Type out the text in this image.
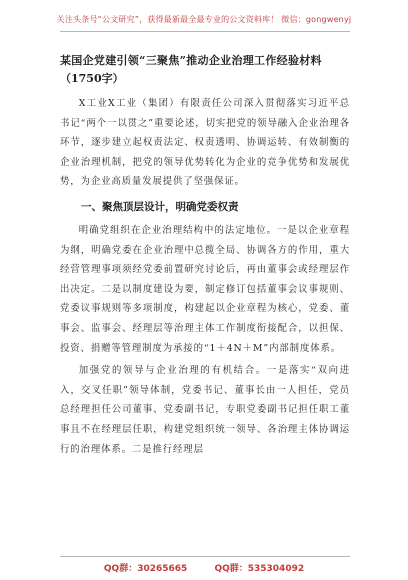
关注头条号“公文研究”，获得最新最全最专业的公文资料库！ 微信：gongwenyj

某国企党建引领“三聚焦”推动企业治理工作经验材料

（1750字）

X工业X工业（集团）有限责任公司深入贯彻落实习近平总书记“两个一以贯之”重要论述，切实把党的领导融入企业治理各环节，逐步建立起权责法定、权责透明、协调运转、有效制衡的企业治理机制，把党的领导优势转化为企业的竞争优势和发展优势，为企业高质量发展提供了坚强保证。

一、聚焦顶层设计，明确党委权责

明确党组织在企业治理结构中的法定地位。一是以企业章程为纲，明确党委在企业治理中总揽全局、协调各方的作用，重大经营管理事项须经党委前置研究讨论后，再由董事会或经理层作出决定。二是以制度建设为要，制定修订包括董事会议事规则、党委议事规则等多项制度，构建起以企业章程为核心，党委、董事会、监事会、经理层等治理主体工作制度衔接配合，以担保、投资、捐赠等管理制度为承接的“1＋4N＋M”内部制度体系。

加强党的领导与企业治理的有机结合。一是落实“双向进入，交叉任职”领导体制，党委书记、董事长由一人担任，党员总经理担任公司董事、党委副书记，专职党委副书记担任职工董事且不在经理层任职，构建党组织统一领导、各治理主体协调运行的治理体系。二是推行经理层

QQ群：30265665	QQ群：535304092
